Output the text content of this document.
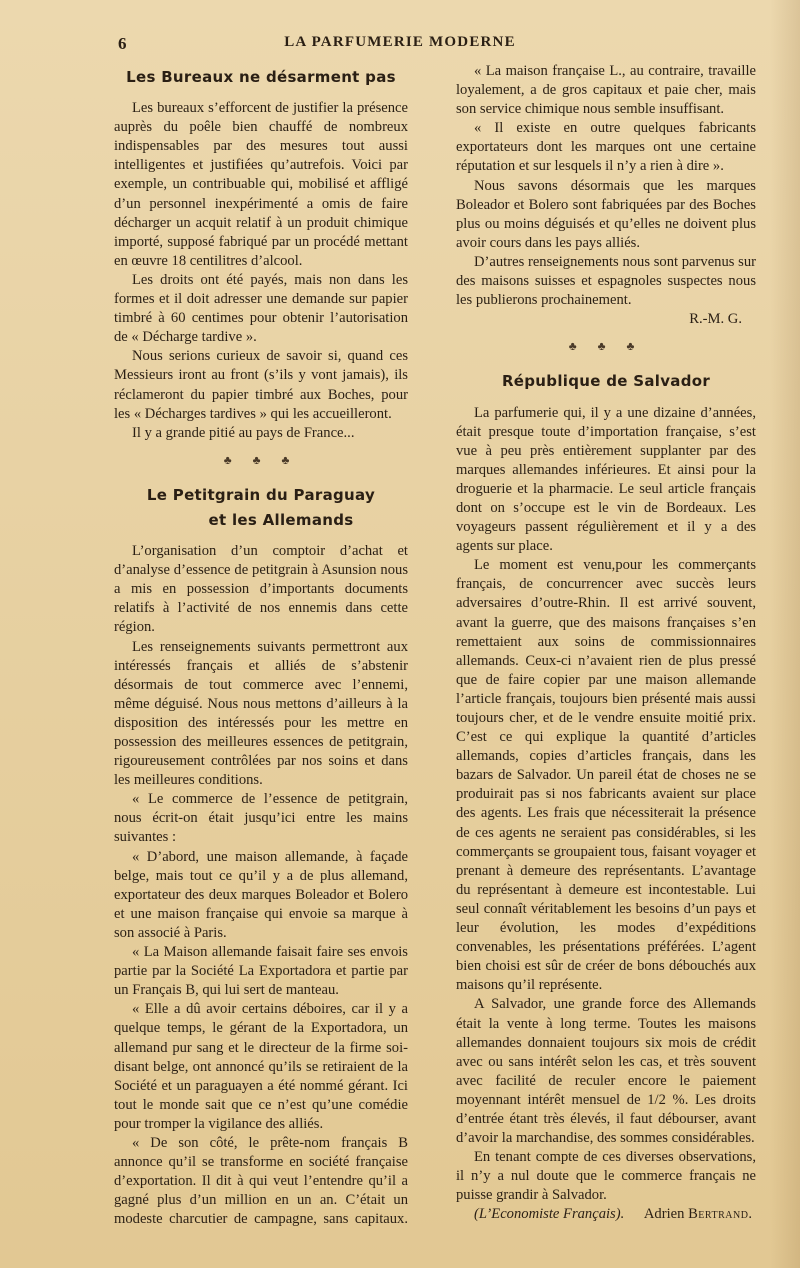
6	LA PARFUMERIE MODERNE
Les Bureaux ne désarment pas

Les bureaux s’efforcent de justifier la présence auprès du poêle bien chauffé de nombreux indispensables par des mesures tout aussi intelligentes et justifiées qu’autrefois. Voici par exemple, un contribuable qui, mobilisé et affligé d’un personnel inexpérimenté a omis de faire décharger un acquit relatif à un produit chimique importé, supposé fabriqué par un procédé mettant en œuvre 18 centilitres d’alcool.

Les droits ont été payés, mais non dans les formes et il doit adresser une demande sur papier timbré à 60 centimes pour obtenir l’autorisation de « Décharge tardive ».

Nous serions curieux de savoir si, quand ces Messieurs iront au front (s’ils y vont jamais), ils réclameront du papier timbré aux Boches, pour les « Décharges tardives » qui les accueilleront.

Il y a grande pitié au pays de France...

♣ ♣ ♣
Le Petitgrain du Paraguay
et les Allemands

L’organisation d’un comptoir d’achat et d’analyse d’essence de petitgrain à Asunsion nous a mis en possession d’importants documents relatifs à l’activité de nos ennemis dans cette région.

Les renseignements suivants permettront aux intéressés français et alliés de s’abstenir désormais de tout commerce avec l’ennemi, même déguisé. Nous nous mettons d’ailleurs à la disposition des intéressés pour les mettre en possession des meilleures essences de petitgrain, rigoureusement contrôlées par nos soins et dans les meilleures conditions.

« Le commerce de l’essence de petitgrain, nous écrit-on était jusqu’ici entre les mains suivantes :

« D’abord, une maison allemande, à façade belge, mais tout ce qu’il y a de plus allemand, exportateur des deux marques Boleador et Bolero et une maison française qui envoie sa marque à son associé à Paris.

« La Maison allemande faisait faire ses envois partie par la Société La Exportadora et partie par un Français B, qui lui sert de manteau.

« Elle a dû avoir certains déboires, car il y a quelque temps, le gérant de la Exportadora, un allemand pur sang et le directeur de la firme soi-disant belge, ont annoncé qu’ils se retiraient de la Société et un paraguayen a été nommé gérant. Ici tout le monde sait que ce n’est qu’une comédie pour tromper la vigilance des alliés.

« De son côté, le prête-nom français B annonce qu’il se transforme en société française d’exportation. Il dit à qui veut l’entendre qu’il a gagné plus d’un million en un an. C’était un modeste charcutier de campagne, sans capitaux.

« La maison française L., au contraire, travaille loyalement, a de gros capitaux et paie cher, mais son service chimique nous semble insuffisant.

« Il existe en outre quelques fabricants exportateurs dont les marques ont une certaine réputation et sur lesquels il n’y a rien à dire ».

Nous savons désormais que les marques Boleador et Bolero sont fabriquées par des Boches plus ou moins déguisés et qu’elles ne doivent plus avoir cours dans les pays alliés.

D’autres renseignements nous sont parvenus sur des maisons suisses et espagnoles suspectes nous les publierons prochainement.

R.-M. G.

♣ ♣ ♣
République de Salvador

La parfumerie qui, il y a une dizaine d’années, était presque toute d’importation française, s’est vue à peu près entièrement supplanter par des marques allemandes inférieures. Et ainsi pour la droguerie et la pharmacie. Le seul article français dont on s’occupe est le vin de Bordeaux. Les voyageurs passent régulièrement et il y a des agents sur place.

Le moment est venu,pour les commerçants français, de concurrencer avec succès leurs adversaires d’outre-Rhin. Il est arrivé souvent, avant la guerre, que des maisons françaises s’en remettaient aux soins de commissionnaires allemands. Ceux-ci n’avaient rien de plus pressé que de faire copier par une maison allemande l’article français, toujours bien présenté mais aussi toujours cher, et de le vendre ensuite moitié prix. C’est ce qui explique la quantité d’articles allemands, copies d’articles français, dans les bazars de Salvador. Un pareil état de choses ne se produirait pas si nos fabricants avaient sur place des agents. Les frais que nécessiterait la présence de ces agents ne seraient pas considérables, si les commerçants se groupaient tous, faisant voyager et prenant à demeure des représentants. L’avantage du représentant à demeure est incontestable. Lui seul connaît véritablement les besoins d’un pays et leur évolution, les modes d’expéditions convenables, les présentations préférées. L’agent bien choisi est sûr de créer de bons débouchés aux maisons qu’il représente.

A Salvador, une grande force des Allemands était la vente à long terme. Toutes les maisons allemandes donnaient toujours six mois de crédit avec ou sans intérêt selon les cas, et très souvent avec facilité de reculer encore le paiement moyennant intérêt mensuel de 1/2 %. Les droits d’entrée étant très élevés, il faut débourser, avant d’avoir la marchandise, des sommes considérables.

En tenant compte de ces diverses observations, il n’y a nul doute que le commerce français ne puisse grandir à Salvador.

(L’Economiste Français). Adrien Bertrand.
